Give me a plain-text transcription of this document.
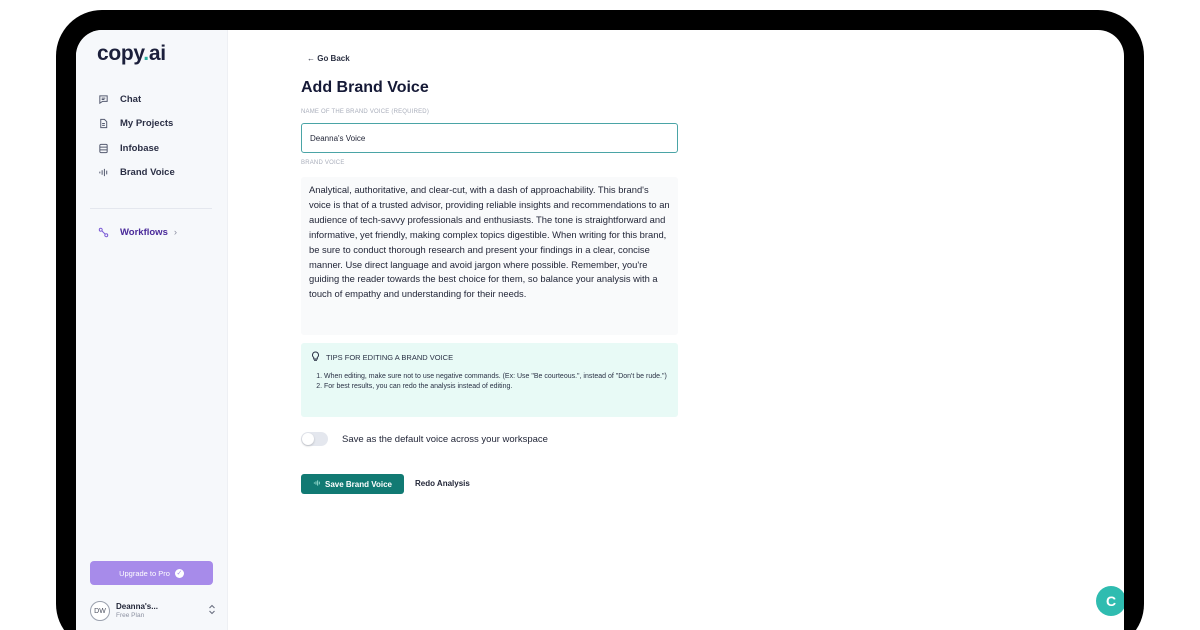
copy.ai
Chat
My Projects
Infobase
Brand Voice
Workflows ›
Upgrade to Pro ✓
DW	Deanna's...
Free Plan
← Go Back
Add Brand Voice
NAME OF THE BRAND VOICE (REQUIRED)
Deanna's Voice
BRAND VOICE
Analytical, authoritative, and clear-cut, with a dash of approachability. This brand's voice is that of a trusted advisor, providing reliable insights and recommendations to an audience of tech-savvy professionals and enthusiasts. The tone is straightforward and informative, yet friendly, making complex topics digestible. When writing for this brand, be sure to conduct thorough research and present your findings in a clear, concise manner. Use direct language and avoid jargon where possible. Remember, you're guiding the reader towards the best choice for them, so balance your analysis with a touch of empathy and understanding for their needs.
TIPS FOR EDITING A BRAND VOICE
1. When editing, make sure not to use negative commands. (Ex: Use "Be courteous.", instead of "Don't be rude.")
2. For best results, you can redo the analysis instead of editing.
Save as the default voice across your workspace
Save Brand Voice	Redo Analysis
C
